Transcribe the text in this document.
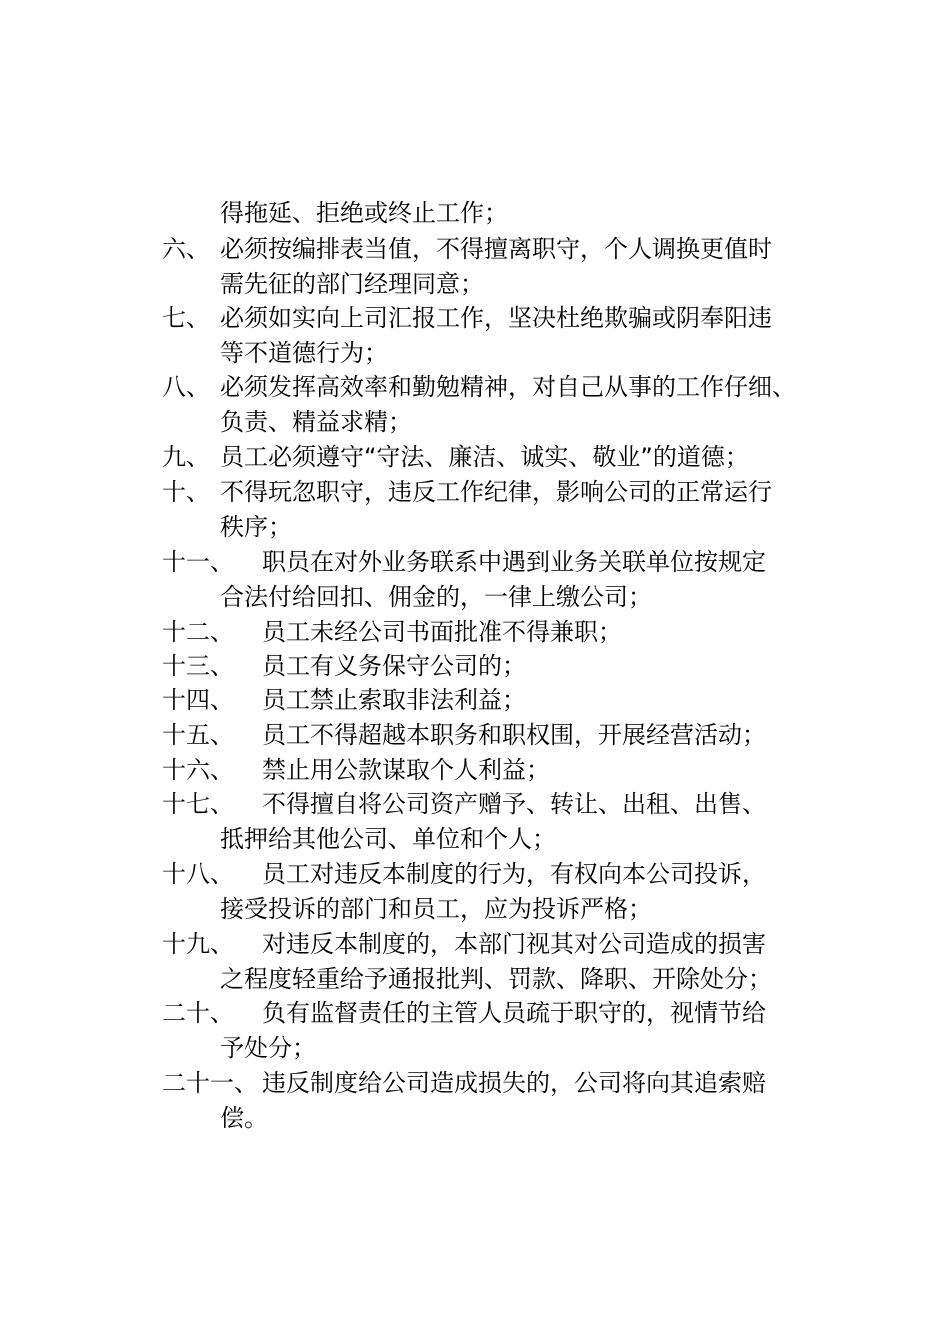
得拖延、拒绝或终止工作；
六、 必须按编排表当值，不得擅离职守，个人调换更值时
需先征的部门经理同意；
七、 必须如实向上司汇报工作，坚决杜绝欺骗或阴奉阳违
等不道德行为；
八、 必须发挥高效率和勤勉精神，对自己从事的工作仔细、
负责、精益求精；
九、 员工必须遵守“守法、廉洁、诚实、敬业”的道德；
十、 不得玩忽职守，违反工作纪律，影响公司的正常运行
秩序；
十一、 职员在对外业务联系中遇到业务关联单位按规定
合法付给回扣、佣金的，一律上缴公司；
十二、 员工未经公司书面批准不得兼职；
十三、 员工有义务保守公司的；
十四、 员工禁止索取非法利益；
十五、 员工不得超越本职务和职权围，开展经营活动；
十六、 禁止用公款谋取个人利益；
十七、 不得擅自将公司资产赠予、转让、出租、出售、
抵押给其他公司、单位和个人；
十八、 员工对违反本制度的行为，有权向本公司投诉，
接受投诉的部门和员工，应为投诉严格；
十九、 对违反本制度的，本部门视其对公司造成的损害
之程度轻重给予通报批判、罚款、降职、开除处分；
二十、 负有监督责任的主管人员疏于职守的，视情节给
予处分；
二十一、 违反制度给公司造成损失的，公司将向其追索赔
偿。
